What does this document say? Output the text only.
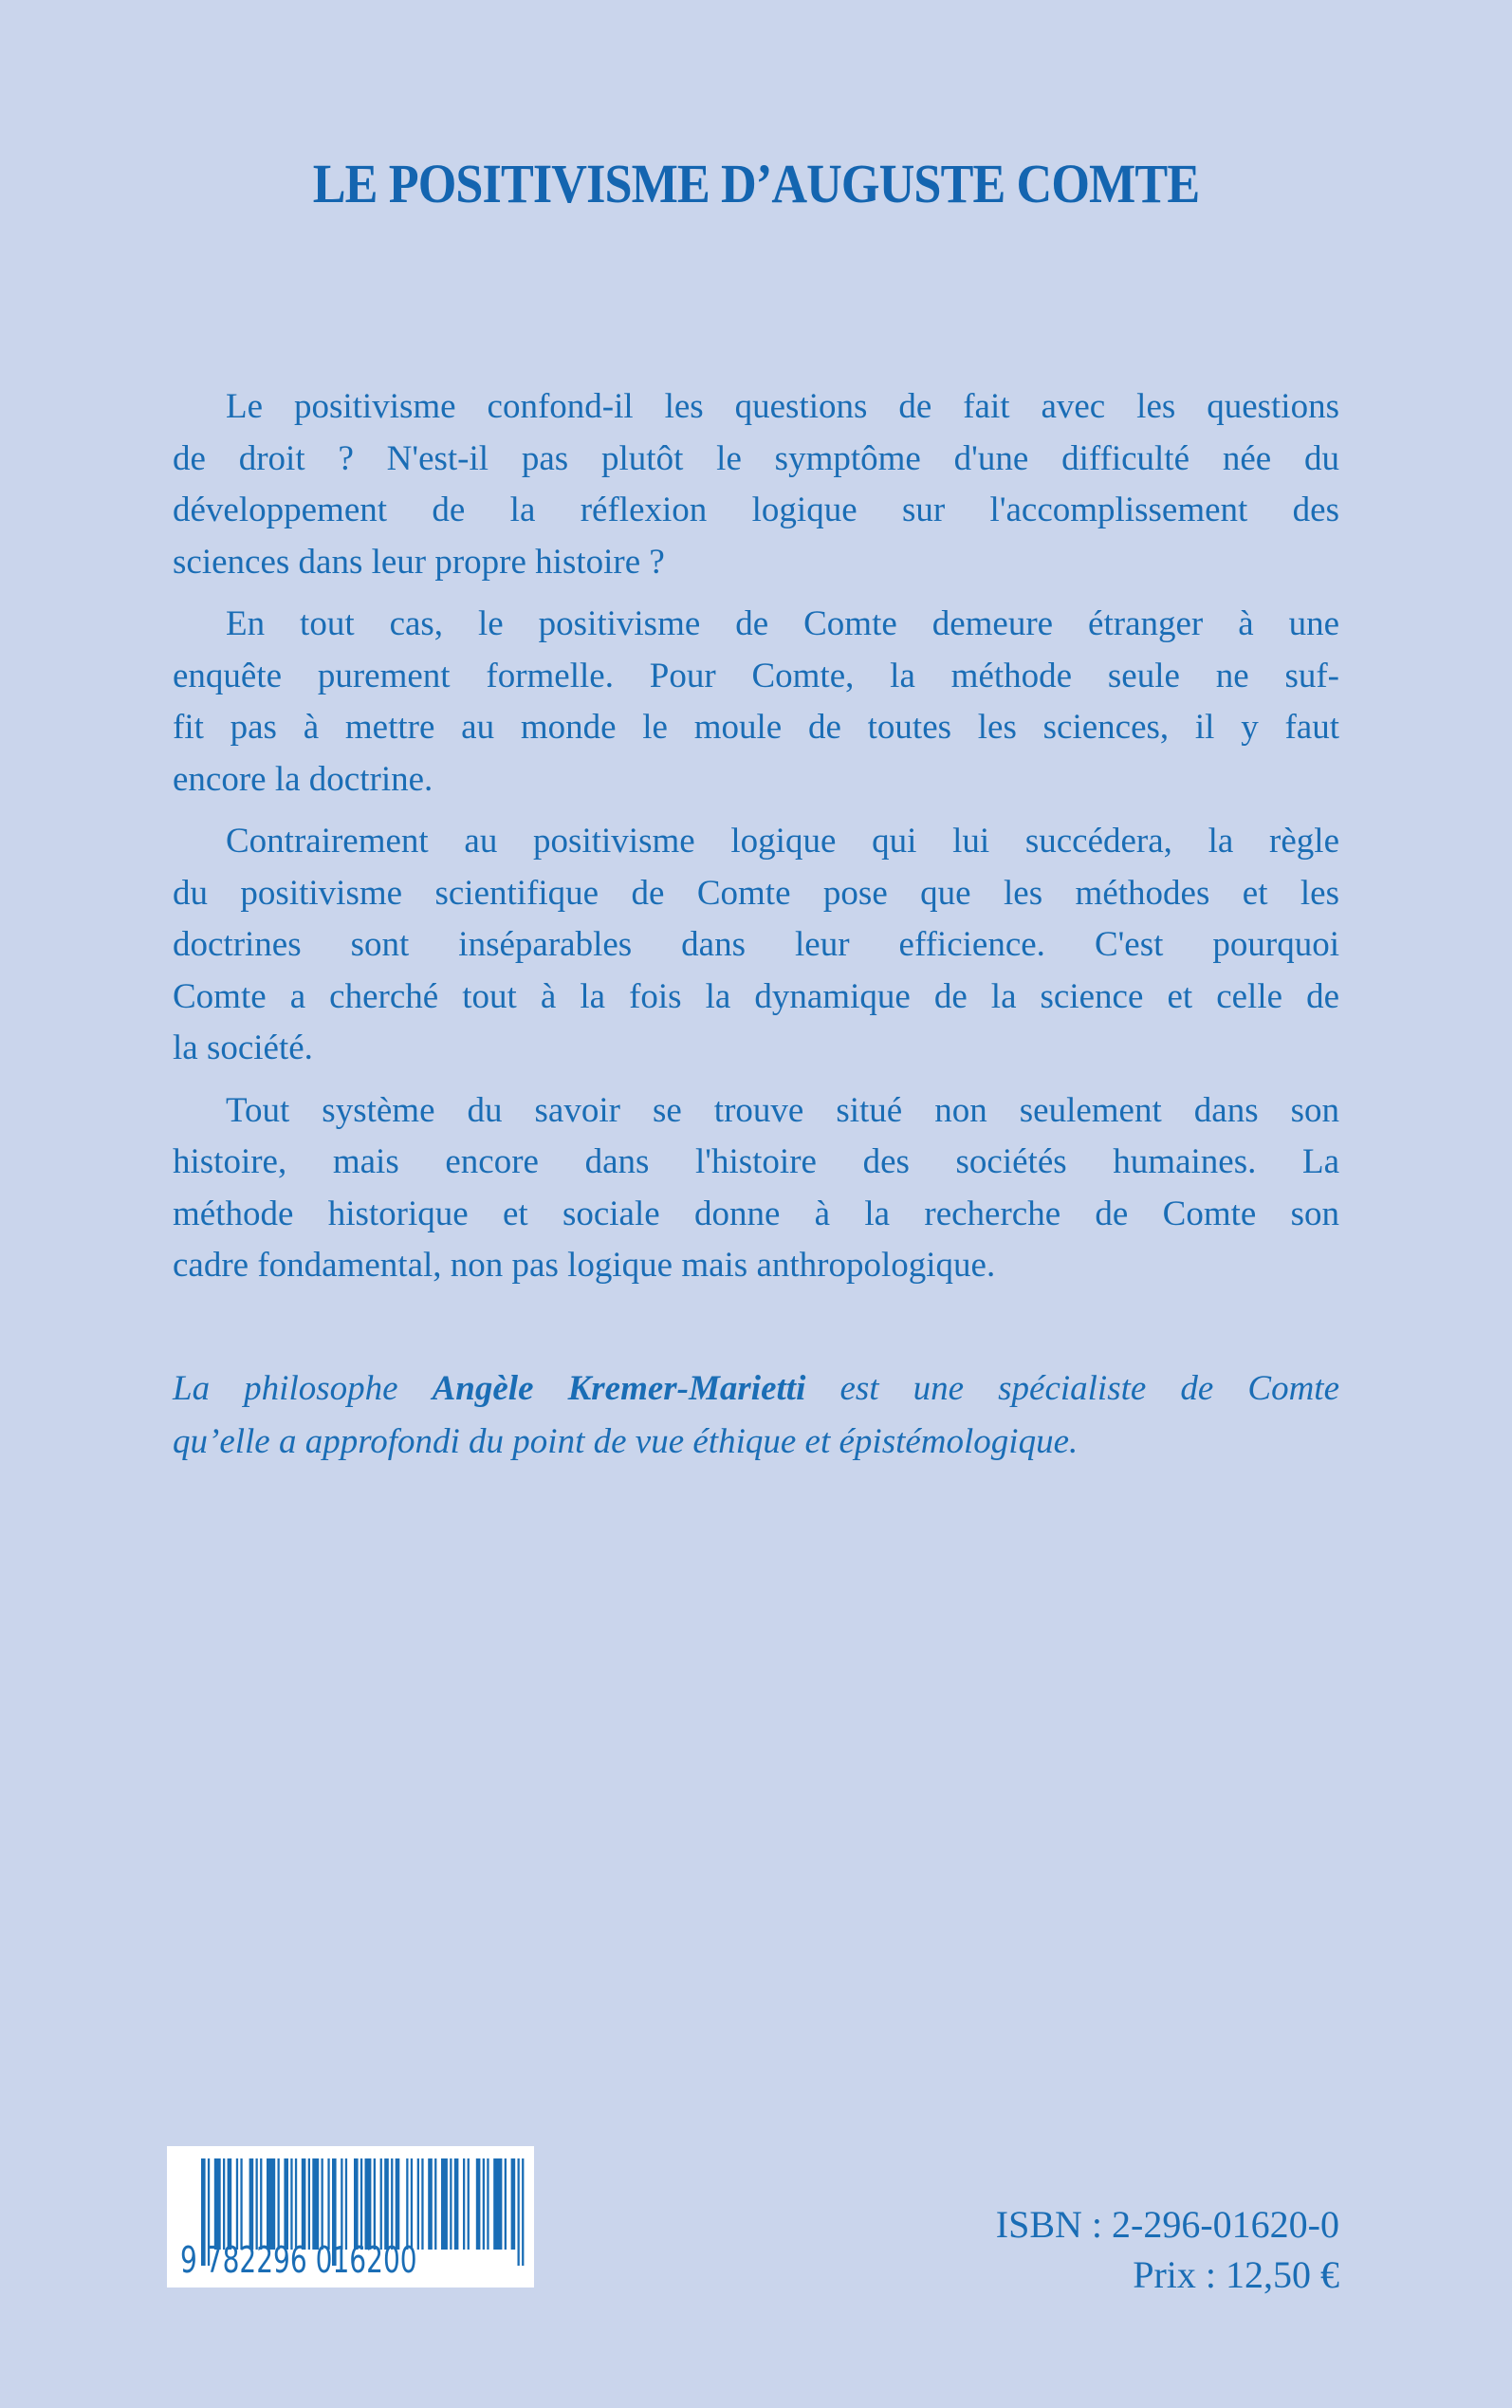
LE POSITIVISME D’AUGUSTE COMTE
Le positivisme confond-il les questions de fait avec les questions
de droit ? N'est-il pas plutôt le symptôme d'une difficulté née du
développement de la réflexion logique sur l'accomplissement des
sciences dans leur propre histoire ?
En tout cas, le positivisme de Comte demeure étranger à une
enquête purement formelle. Pour Comte, la méthode seule ne suf-
fit pas à mettre au monde le moule de toutes les sciences, il y faut
encore la doctrine.
Contrairement au positivisme logique qui lui succédera, la règle
du positivisme scientifique de Comte pose que les méthodes et les
doctrines sont inséparables dans leur efficience. C'est pourquoi
Comte a cherché tout à la fois la dynamique de la science et celle de
la société.
Tout système du savoir se trouve situé non seulement dans son
histoire, mais encore dans l'histoire des sociétés humaines. La
méthode historique et sociale donne à la recherche de Comte son
cadre fondamental, non pas logique mais anthropologique.
La philosophe Angèle Kremer-Marietti est une spécialiste de Comte
qu’elle a approfondi du point de vue éthique et épistémologique.
9 782296 016200
ISBN : 2-296-01620-0
Prix : 12,50 €
